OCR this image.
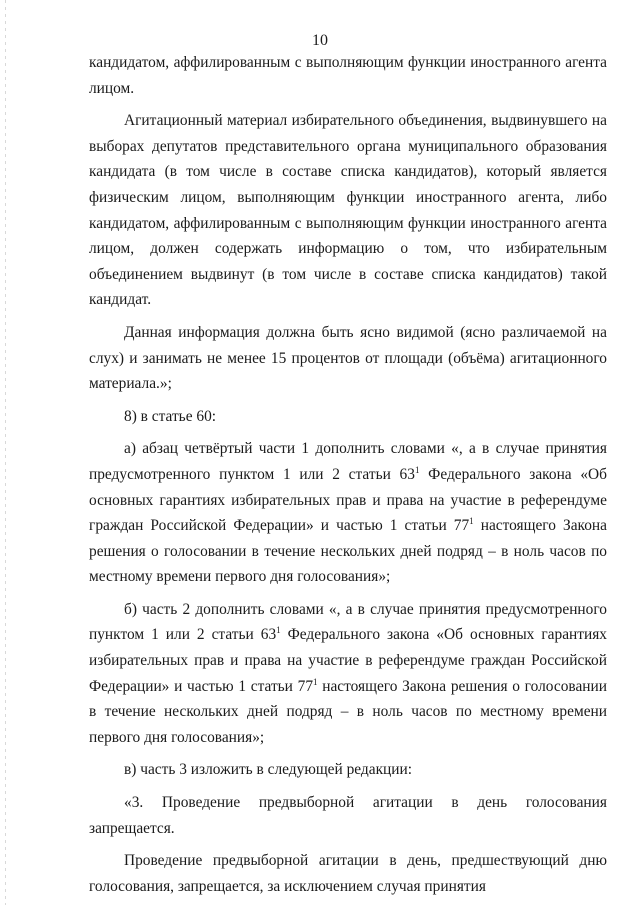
10

кандидатом, аффилированным с выполняющим функции иностранного агента лицом.

Агитационный материал избирательного объединения, выдвинувшего на выборах депутатов представительного органа муниципального образования кандидата (в том числе в составе списка кандидатов), который является физическим лицом, выполняющим функции иностранного агента, либо кандидатом, аффилированным с выполняющим функции иностранного агента лицом, должен содержать информацию о том, что избирательным объединением выдвинут (в том числе в составе списка кандидатов) такой кандидат.

Данная информация должна быть ясно видимой (ясно различаемой на слух) и занимать не менее 15 процентов от площади (объёма) агитационного материала.»;

8) в статье 60:

а) абзац четвёртый части 1 дополнить словами «, а в случае принятия предусмотренного пунктом 1 или 2 статьи $63^1$ Федерального закона «Об основных гарантиях избирательных прав и права на участие в референдуме граждан Российской Федерации» и частью 1 статьи $77^1$ настоящего Закона решения о голосовании в течение нескольких дней подряд – в ноль часов по местному времени первого дня голосования»;

б) часть 2 дополнить словами «, а в случае принятия предусмотренного пунктом 1 или 2 статьи $63^1$ Федерального закона «Об основных гарантиях избирательных прав и права на участие в референдуме граждан Российской Федерации» и частью 1 статьи $77^1$ настоящего Закона решения о голосовании в течение нескольких дней подряд – в ноль часов по местному времени первого дня голосования»;

в) часть 3 изложить в следующей редакции:

«3. Проведение предвыборной агитации в день голосования запрещается.

Проведение предвыборной агитации в день, предшествующий дню голосования, запрещается, за исключением случая принятия
